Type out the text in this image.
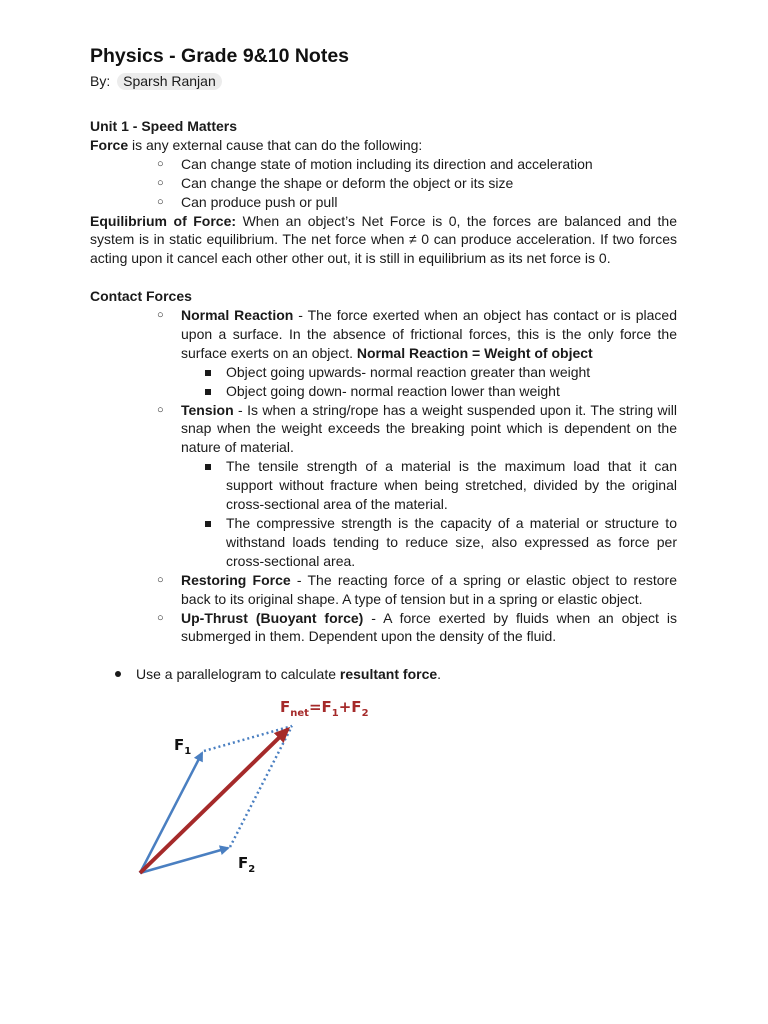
Physics - Grade 9&10 Notes
By: Sparsh Ranjan

Unit 1 - Speed Matters

Force is any external cause that can do the following:

○ Can change state of motion including its direction and acceleration
○ Can change the shape or deform the object or its size
○ Can produce push or pull

Equilibrium of Force: When an object’s Net Force is 0, the forces are balanced and the system is in static equilibrium. The net force when ≠ 0 can produce acceleration. If two forces acting upon it cancel each other other out, it is still in equilibrium as its net force is 0.

Contact Forces

○ Normal Reaction - The force exerted when an object has contact or is placed upon a surface. In the absence of frictional forces, this is the only force the surface exerts on an object. Normal Reaction = Weight of object
Object going upwards- normal reaction greater than weight
Object going down- normal reaction lower than weight
○ Tension - Is when a string/rope has a weight suspended upon it. The string will snap when the weight exceeds the breaking point which is dependent on the nature of material.
The tensile strength of a material is the maximum load that it can support without fracture when being stretched, divided by the original cross-sectional area of the material.
The compressive strength is the capacity of a material or structure to withstand loads tending to reduce size, also expressed as force per cross-sectional area.
○ Restoring Force - The reacting force of a spring or elastic object to restore back to its original shape. A type of tension but in a spring or elastic object.
○ Up-Thrust (Buoyant force) - A force exerted by fluids when an object is submerged in them. Dependent upon the density of the fluid.

Use a parallelogram to calculate resultant force.

$F_{net}=F_1+F_2$
$F_1$
$F_2$
